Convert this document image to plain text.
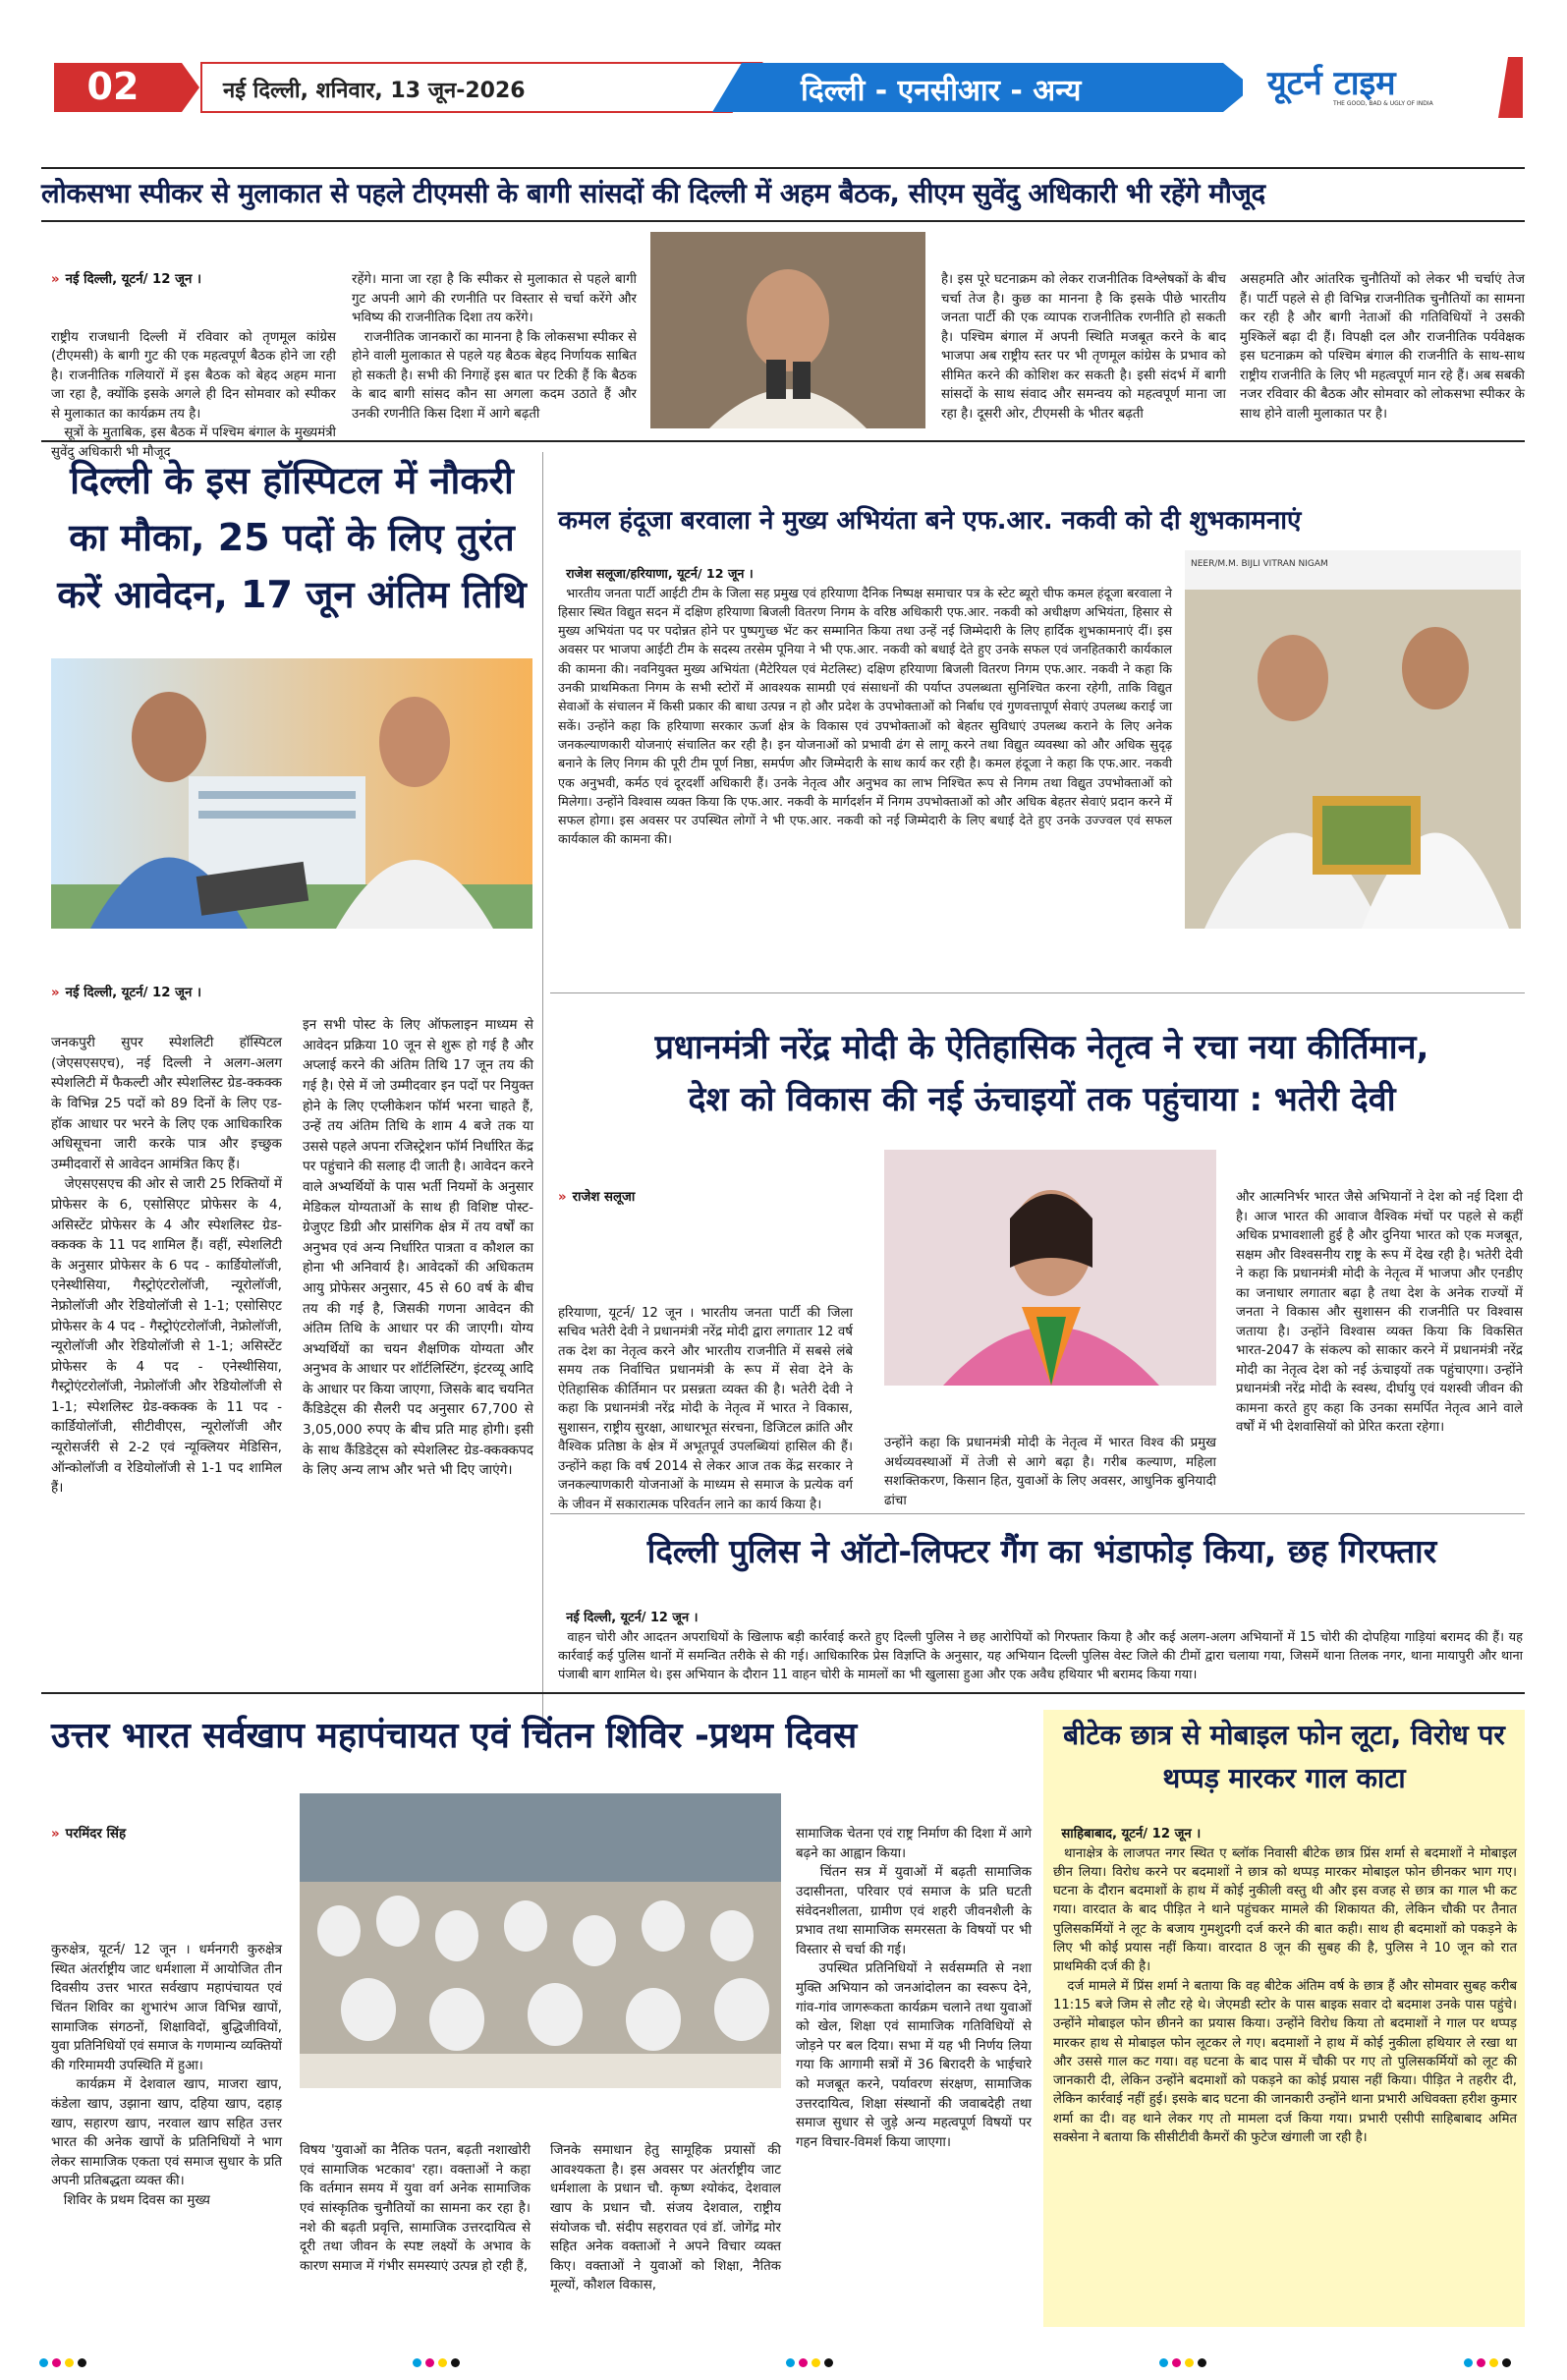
02	नई दिल्ली, शनिवार, 13 जून-2026	दिल्ली - एनसीआर - अन्य	यूटर्न टाइम
THE GOOD, BAD & UGLY OF INDIA
लोकसभा स्पीकर से मुलाकात से पहले टीएमसी के बागी सांसदों की दिल्ली में अहम बैठक, सीएम सुवेंदु अधिकारी भी रहेंगे मौजूद

» नई दिल्ली, यूटर्न/ 12 जून ।

राष्ट्रीय राजधानी दिल्ली में रविवार को तृणमूल कांग्रेस (टीएमसी) के बागी गुट की एक महत्वपूर्ण बैठक होने जा रही है। राजनीतिक गलियारों में इस बैठक को बेहद अहम माना जा रहा है, क्योंकि इसके अगले ही दिन सोमवार को स्पीकर से मुलाकात का कार्यक्रम तय है।
सूत्रों के मुताबिक, इस बैठक में पश्चिम बंगाल के मुख्यमंत्री सुवेंदु अधिकारी भी मौजूद

रहेंगे। माना जा रहा है कि स्पीकर से मुलाकात से पहले बागी गुट अपनी आगे की रणनीति पर विस्तार से चर्चा करेंगे और भविष्य की राजनीतिक दिशा तय करेंगे।
राजनीतिक जानकारों का मानना है कि लोकसभा स्पीकर से होने वाली मुलाकात से पहले यह बैठक बेहद निर्णायक साबित हो सकती है। सभी की निगाहें इस बात पर टिकी हैं कि बैठक के बाद बागी सांसद कौन सा अगला कदम उठाते हैं और उनकी रणनीति किस दिशा में आगे बढ़ती

है। इस पूरे घटनाक्रम को लेकर राजनीतिक विश्लेषकों के बीच चर्चा तेज है। कुछ का मानना है कि इसके पीछे भारतीय जनता पार्टी की एक व्यापक राजनीतिक रणनीति हो सकती है। पश्चिम बंगाल में अपनी स्थिति मजबूत करने के बाद भाजपा अब राष्ट्रीय स्तर पर भी तृणमूल कांग्रेस के प्रभाव को सीमित करने की कोशिश कर सकती है। इसी संदर्भ में बागी सांसदों के साथ संवाद और समन्वय को महत्वपूर्ण माना जा रहा है। दूसरी ओर, टीएमसी के भीतर बढ़ती

असहमति और आंतरिक चुनौतियों को लेकर भी चर्चाएं तेज हैं। पार्टी पहले से ही विभिन्न राजनीतिक चुनौतियों का सामना कर रही है और बागी नेताओं की गतिविधियों ने उसकी मुश्किलें बढ़ा दी हैं। विपक्षी दल और राजनीतिक पर्यवेक्षक इस घटनाक्रम को पश्चिम बंगाल की राजनीति के साथ-साथ राष्ट्रीय राजनीति के लिए भी महत्वपूर्ण मान रहे हैं। अब सबकी नजर रविवार की बैठक और सोमवार को लोकसभा स्पीकर के साथ होने वाली मुलाकात पर है।

दिल्ली के इस हॉस्पिटल में नौकरी का मौका, 25 पदों के लिए तुरंत करें आवेदन, 17 जून अंतिम तिथि

» नई दिल्ली, यूटर्न/ 12 जून ।

जनकपुरी सुपर स्पेशलिटी हॉस्पिटल (जेएसएसएच), नई दिल्ली ने अलग-अलग स्पेशलिटी में फैकल्टी और स्पेशलिस्ट ग्रेड-क्कक्क के विभिन्न 25 पदों को 89 दिनों के लिए एड-हॉक आधार पर भरने के लिए एक आधिकारिक अधिसूचना जारी करके पात्र और इच्छुक उम्मीदवारों से आवेदन आमंत्रित किए हैं।
जेएसएसएच की ओर से जारी 25 रिक्तियों में प्रोफेसर के 6, एसोसिएट प्रोफेसर के 4, असिस्टेंट प्रोफेसर के 4 और स्पेशलिस्ट ग्रेड-क्कक्क के 11 पद शामिल हैं। वहीं, स्पेशलिटी के अनुसार प्रोफेसर के 6 पद - कार्डियोलॉजी, एनेस्थीसिया, गैस्ट्रोएंटरोलॉजी, न्यूरोलॉजी, नेफ्रोलॉजी और रेडियोलॉजी से 1-1; एसोसिएट प्रोफेसर के 4 पद - गैस्ट्रोएंटरोलॉजी, नेफ्रोलॉजी, न्यूरोलॉजी और रेडियोलॉजी से 1-1; असिस्टेंट प्रोफेसर के 4 पद - एनेस्थीसिया, गैस्ट्रोएंटरोलॉजी, नेफ्रोलॉजी और रेडियोलॉजी से 1-1; स्पेशलिस्ट ग्रेड-क्कक्क के 11 पद - कार्डियोलॉजी, सीटीवीएस, न्यूरोलॉजी और न्यूरोसर्जरी से 2-2 एवं न्यूक्लियर मेडिसिन, ऑन्कोलॉजी व रेडियोलॉजी से 1-1 पद शामिल हैं।

इन सभी पोस्ट के लिए ऑफलाइन माध्यम से आवेदन प्रक्रिया 10 जून से शुरू हो गई है और अप्लाई करने की अंतिम तिथि 17 जून तय की गई है। ऐसे में जो उम्मीदवार इन पदों पर नियुक्त होने के लिए एप्लीकेशन फॉर्म भरना चाहते हैं, उन्हें तय अंतिम तिथि के शाम 4 बजे तक या उससे पहले अपना रजिस्ट्रेशन फॉर्म निर्धारित केंद्र पर पहुंचाने की सलाह दी जाती है। आवेदन करने वाले अभ्यर्थियों के पास भर्ती नियमों के अनुसार मेडिकल योग्यताओं के साथ ही विशिष्ट पोस्ट-ग्रेजुएट डिग्री और प्रासंगिक क्षेत्र में तय वर्षों का अनुभव एवं अन्य निर्धारित पात्रता व कौशल का होना भी अनिवार्य है। आवेदकों की अधिकतम आयु प्रोफेसर अनुसार, 45 से 60 वर्ष के बीच तय की गई है, जिसकी गणना आवेदन की अंतिम तिथि के आधार पर की जाएगी। योग्य अभ्यर्थियों का चयन शैक्षणिक योग्यता और अनुभव के आधार पर शॉर्टलिस्टिंग, इंटरव्यू आदि के आधार पर किया जाएगा, जिसके बाद चयनित कैंडिडेट्स की सैलरी पद अनुसार 67,700 से 3,05,000 रुपए के बीच प्रति माह होगी। इसी के साथ कैंडिडेट्स को स्पेशलिस्ट ग्रेड-क्कक्कपद के लिए अन्य लाभ और भत्ते भी दिए जाएंगे।

कमल हंदूजा बरवाला ने मुख्य अभियंता बने एफ.आर. नकवी को दी शुभकामनाएं

राजेश सलूजा/हरियाणा, यूटर्न/ 12 जून ।
भारतीय जनता पार्टी आईटी टीम के जिला सह प्रमुख एवं हरियाणा दैनिक निष्पक्ष समाचार पत्र के स्टेट ब्यूरो चीफ कमल हंदूजा बरवाला ने हिसार स्थित विद्युत सदन में दक्षिण हरियाणा बिजली वितरण निगम के वरिष्ठ अधिकारी एफ.आर. नकवी को अधीक्षण अभियंता, हिसार से मुख्य अभियंता पद पर पदोन्नत होने पर पुष्पगुच्छ भेंट कर सम्मानित किया तथा उन्हें नई जिम्मेदारी के लिए हार्दिक शुभकामनाएं दीं। इस अवसर पर भाजपा आईटी टीम के सदस्य तरसेम पूनिया ने भी एफ.आर. नकवी को बधाई देते हुए उनके सफल एवं जनहितकारी कार्यकाल की कामना की। नवनियुक्त मुख्य अभियंता (मैटेरियल एवं मेटलिस्ट) दक्षिण हरियाणा बिजली वितरण निगम एफ.आर. नकवी ने कहा कि उनकी प्राथमिकता निगम के सभी स्टोरों में आवश्यक सामग्री एवं संसाधनों की पर्याप्त उपलब्धता सुनिश्चित करना रहेगी, ताकि विद्युत सेवाओं के संचालन में किसी प्रकार की बाधा उत्पन्न न हो और प्रदेश के उपभोक्ताओं को निर्बाध एवं गुणवत्तापूर्ण सेवाएं उपलब्ध कराई जा सकें। उन्होंने कहा कि हरियाणा सरकार ऊर्जा क्षेत्र के विकास एवं उपभोक्ताओं को बेहतर सुविधाएं उपलब्ध कराने के लिए अनेक जनकल्याणकारी योजनाएं संचालित कर रही है। इन योजनाओं को प्रभावी ढंग से लागू करने तथा विद्युत व्यवस्था को और अधिक सुदृढ़ बनाने के लिए निगम की पूरी टीम पूर्ण निष्ठा, समर्पण और जिम्मेदारी के साथ कार्य कर रही है। कमल हंदूजा ने कहा कि एफ.आर. नकवी एक अनुभवी, कर्मठ एवं दूरदर्शी अधिकारी हैं। उनके नेतृत्व और अनुभव का लाभ निश्चित रूप से निगम तथा विद्युत उपभोक्ताओं को मिलेगा। उन्होंने विश्वास व्यक्त किया कि एफ.आर. नकवी के मार्गदर्शन में निगम उपभोक्ताओं को और अधिक बेहतर सेवाएं प्रदान करने में सफल होगा। इस अवसर पर उपस्थित लोगों ने भी एफ.आर. नकवी को नई जिम्मेदारी के लिए बधाई देते हुए उनके उज्ज्वल एवं सफल कार्यकाल की कामना की।

NEER/M.M. BIJLI VITRAN NIGAM
प्रधानमंत्री नरेंद्र मोदी के ऐतिहासिक नेतृत्व ने रचा नया कीर्तिमान,
देश को विकास की नई ऊंचाइयों तक पहुंचाया : भतेरी देवी

» राजेश सलूजा

हरियाणा, यूटर्न/ 12 जून । भारतीय जनता पार्टी की जिला सचिव भतेरी देवी ने प्रधानमंत्री नरेंद्र मोदी द्वारा लगातार 12 वर्ष तक देश का नेतृत्व करने और भारतीय राजनीति में सबसे लंबे समय तक निर्वाचित प्रधानमंत्री के रूप में सेवा देने के ऐतिहासिक कीर्तिमान पर प्रसन्नता व्यक्त की है। भतेरी देवी ने कहा कि प्रधानमंत्री नरेंद्र मोदी के नेतृत्व में भारत ने विकास, सुशासन, राष्ट्रीय सुरक्षा, आधारभूत संरचना, डिजिटल क्रांति और वैश्विक प्रतिष्ठा के क्षेत्र में अभूतपूर्व उपलब्धियां हासिल की हैं। उन्होंने कहा कि वर्ष 2014 से लेकर आज तक केंद्र सरकार ने जनकल्याणकारी योजनाओं के माध्यम से समाज के प्रत्येक वर्ग के जीवन में सकारात्मक परिवर्तन लाने का कार्य किया है।

उन्होंने कहा कि प्रधानमंत्री मोदी के नेतृत्व में भारत विश्व की प्रमुख अर्थव्यवस्थाओं में तेजी से आगे बढ़ा है। गरीब कल्याण, महिला सशक्तिकरण, किसान हित, युवाओं के लिए अवसर, आधुनिक बुनियादी ढांचा

और आत्मनिर्भर भारत जैसे अभियानों ने देश को नई दिशा दी है। आज भारत की आवाज वैश्विक मंचों पर पहले से कहीं अधिक प्रभावशाली हुई है और दुनिया भारत को एक मजबूत, सक्षम और विश्वसनीय राष्ट्र के रूप में देख रही है। भतेरी देवी ने कहा कि प्रधानमंत्री मोदी के नेतृत्व में भाजपा और एनडीए का जनाधार लगातार बढ़ा है तथा देश के अनेक राज्यों में जनता ने विकास और सुशासन की राजनीति पर विश्वास जताया है। उन्होंने विश्वास व्यक्त किया कि विकसित भारत-2047 के संकल्प को साकार करने में प्रधानमंत्री नरेंद्र मोदी का नेतृत्व देश को नई ऊंचाइयों तक पहुंचाएगा। उन्होंने प्रधानमंत्री नरेंद्र मोदी के स्वस्थ, दीर्घायु एवं यशस्वी जीवन की कामना करते हुए कहा कि उनका समर्पित नेतृत्व आने वाले वर्षों में भी देशवासियों को प्रेरित करता रहेगा।

दिल्ली पुलिस ने ऑटो-लिफ्टर गैंग का भंडाफोड़ किया, छह गिरफ्तार

नई दिल्ली, यूटर्न/ 12 जून ।
वाहन चोरी और आदतन अपराधियों के खिलाफ बड़ी कार्रवाई करते हुए दिल्ली पुलिस ने छह आरोपियों को गिरफ्तार किया है और कई अलग-अलग अभियानों में 15 चोरी की दोपहिया गाड़ियां बरामद की हैं। यह कार्रवाई कई पुलिस थानों में समन्वित तरीके से की गई। आधिकारिक प्रेस विज्ञप्ति के अनुसार, यह अभियान दिल्ली पुलिस वेस्ट जिले की टीमों द्वारा चलाया गया, जिसमें थाना तिलक नगर, थाना मायापुरी और थाना पंजाबी बाग शामिल थे। इस अभियान के दौरान 11 वाहन चोरी के मामलों का भी खुलासा हुआ और एक अवैध हथियार भी बरामद किया गया।

उत्तर भारत सर्वखाप महापंचायत एवं चिंतन शिविर -प्रथम दिवस

» परमिंदर सिंह

कुरुक्षेत्र, यूटर्न/ 12 जून । धर्मनगरी कुरुक्षेत्र स्थित अंतर्राष्ट्रीय जाट धर्मशाला में आयोजित तीन दिवसीय उत्तर भारत सर्वखाप महापंचायत एवं चिंतन शिविर का शुभारंभ आज विभिन्न खापों, सामाजिक संगठनों, शिक्षाविदों, बुद्धिजीवियों, युवा प्रतिनिधियों एवं समाज के गणमान्य व्यक्तियों की गरिमामयी उपस्थिति में हुआ।
कार्यक्रम में देशवाल खाप, माजरा खाप, कंडेला खाप, उझाना खाप, दहिया खाप, दहाड़ खाप, सहारण खाप, नरवाल खाप सहित उत्तर भारत की अनेक खापों के प्रतिनिधियों ने भाग लेकर सामाजिक एकता एवं समाज सुधार के प्रति अपनी प्रतिबद्धता व्यक्त की।
शिविर के प्रथम दिवस का मुख्य

विषय 'युवाओं का नैतिक पतन, बढ़ती नशाखोरी एवं सामाजिक भटकाव' रहा। वक्ताओं ने कहा कि वर्तमान समय में युवा वर्ग अनेक सामाजिक एवं सांस्कृतिक चुनौतियों का सामना कर रहा है। नशे की बढ़ती प्रवृत्ति, सामाजिक उत्तरदायित्व से दूरी तथा जीवन के स्पष्ट लक्ष्यों के अभाव के कारण समाज में गंभीर समस्याएं उत्पन्न हो रही हैं,

जिनके समाधान हेतु सामूहिक प्रयासों की आवश्यकता है। इस अवसर पर अंतर्राष्ट्रीय जाट धर्मशाला के प्रधान चौ. कृष्ण श्योकंद, देशवाल खाप के प्रधान चौ. संजय देशवाल, राष्ट्रीय संयोजक चौ. संदीप सहरावत एवं डॉ. जोगेंद्र मोर सहित अनेक वक्ताओं ने अपने विचार व्यक्त किए। वक्ताओं ने युवाओं को शिक्षा, नैतिक मूल्यों, कौशल विकास,

सामाजिक चेतना एवं राष्ट्र निर्माण की दिशा में आगे बढ़ने का आह्वान किया।
चिंतन सत्र में युवाओं में बढ़ती सामाजिक उदासीनता, परिवार एवं समाज के प्रति घटती संवेदनशीलता, ग्रामीण एवं शहरी जीवनशैली के प्रभाव तथा सामाजिक समरसता के विषयों पर भी विस्तार से चर्चा की गई।
उपस्थित प्रतिनिधियों ने सर्वसम्मति से नशा मुक्ति अभियान को जनआंदोलन का स्वरूप देने, गांव-गांव जागरूकता कार्यक्रम चलाने तथा युवाओं को खेल, शिक्षा एवं सामाजिक गतिविधियों से जोड़ने पर बल दिया। सभा में यह भी निर्णय लिया गया कि आगामी सत्रों में 36 बिरादरी के भाईचारे को मजबूत करने, पर्यावरण संरक्षण, सामाजिक उत्तरदायित्व, शिक्षा संस्थानों की जवाबदेही तथा समाज सुधार से जुड़े अन्य महत्वपूर्ण विषयों पर गहन विचार-विमर्श किया जाएगा।

बीटेक छात्र से मोबाइल फोन लूटा, विरोध पर थप्पड़ मारकर गाल काटा

साहिबाबाद, यूटर्न/ 12 जून ।
थानाक्षेत्र के लाजपत नगर स्थित ए ब्लॉक निवासी बीटेक छात्र प्रिंस शर्मा से बदमाशों ने मोबाइल छीन लिया। विरोध करने पर बदमाशों ने छात्र को थप्पड़ मारकर मोबाइल फोन छीनकर भाग गए। घटना के दौरान बदमाशों के हाथ में कोई नुकीली वस्तु थी और इस वजह से छात्र का गाल भी कट गया। वारदात के बाद पीड़ित ने थाने पहुंचकर मामले की शिकायत की, लेकिन चौकी पर तैनात पुलिसकर्मियों ने लूट के बजाय गुमशुदगी दर्ज करने की बात कही। साथ ही बदमाशों को पकड़ने के लिए भी कोई प्रयास नहीं किया। वारदात 8 जून की सुबह की है, पुलिस ने 10 जून को रात प्राथमिकी दर्ज की है।
दर्ज मामले में प्रिंस शर्मा ने बताया कि वह बीटेक अंतिम वर्ष के छात्र हैं और सोमवार सुबह करीब 11:15 बजे जिम से लौट रहे थे। जेएमडी स्टोर के पास बाइक सवार दो बदमाश उनके पास पहुंचे। उन्होंने मोबाइल फोन छीनने का प्रयास किया। उन्होंने विरोध किया तो बदमाशों ने गाल पर थप्पड़ मारकर हाथ से मोबाइल फोन लूटकर ले गए। बदमाशों ने हाथ में कोई नुकीला हथियार ले रखा था और उससे गाल कट गया। वह घटना के बाद पास में चौकी पर गए तो पुलिसकर्मियों को लूट की जानकारी दी, लेकिन उन्होंने बदमाशों को पकड़ने का कोई प्रयास नहीं किया। पीड़ित ने तहरीर दी, लेकिन कार्रवाई नहीं हुई। इसके बाद घटना की जानकारी उन्होंने थाना प्रभारी अधिवक्ता हरीश कुमार शर्मा का दी। वह थाने लेकर गए तो मामला दर्ज किया गया। प्रभारी एसीपी साहिबाबाद अमित सक्सेना ने बताया कि सीसीटीवी कैमरों की फुटेज खंगाली जा रही है।
